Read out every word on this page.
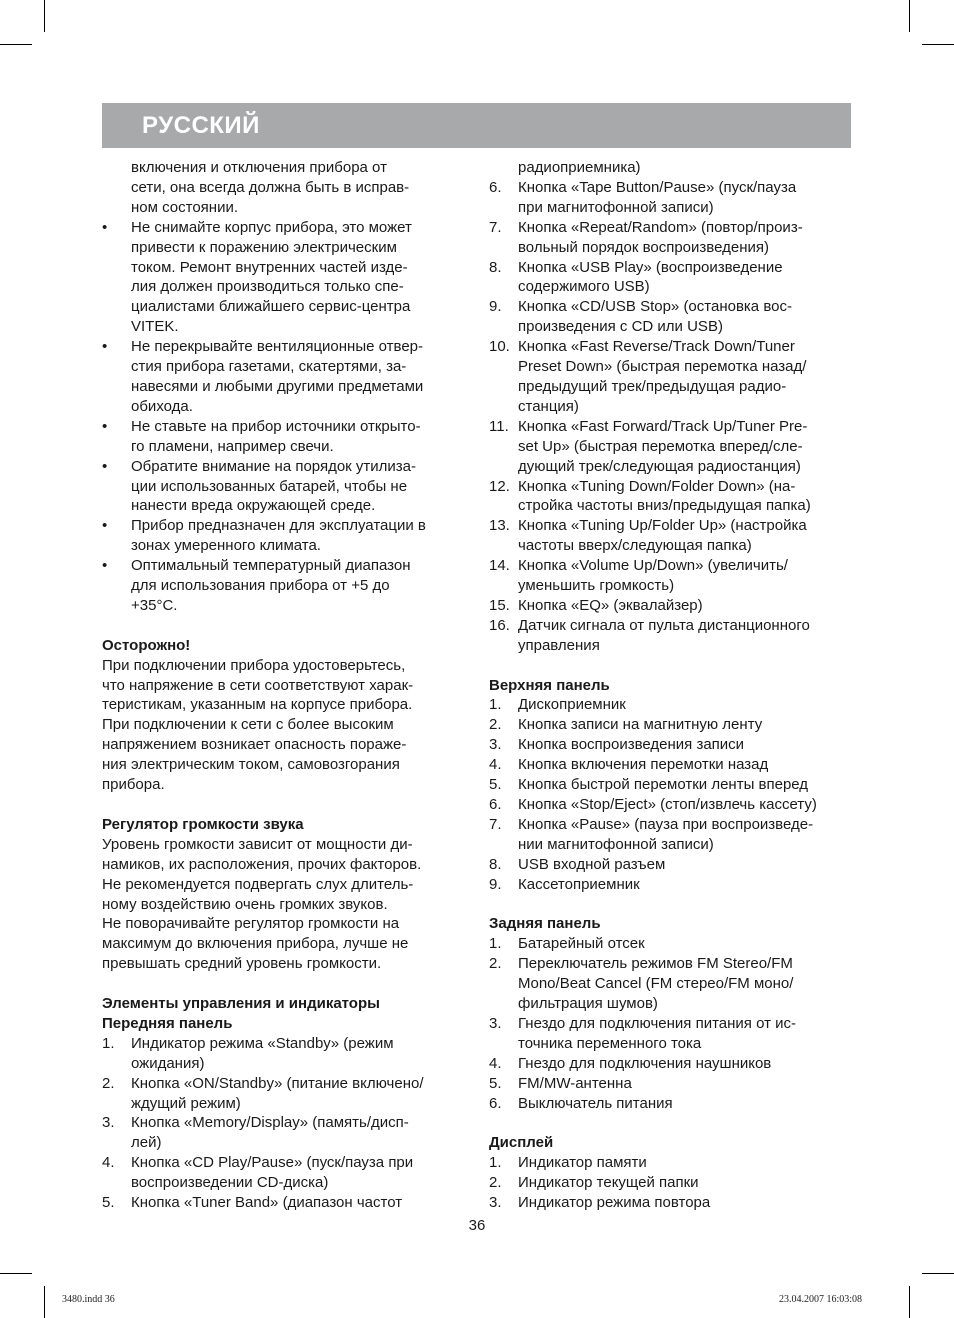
РУССКИЙ
включения и отключения прибора от
сети, она всегда должна быть в исправ-
ном состоянии.
• Не снимайте корпус прибора, это может
привести к поражению электрическим
током. Ремонт внутренних частей изде-
лия должен производиться только спе-
циалистами ближайшего сервис-центра
VITEK.
• Не перекрывайте вентиляционные отвер-
стия прибора газетами, скатертями, за-
навесями и любыми другими предметами
обихода.
• Не ставьте на прибор источники открыто-
го пламени, например свечи.
• Обратите внимание на порядок утилиза-
ции использованных батарей, чтобы не
нанести вреда окружающей среде.
• Прибор предназначен для эксплуатации в
зонах умеренного климата.
• Оптимальный температурный диапазон
для использования прибора от +5 до
+35°С.

Осторожно!

При подключении прибора удостоверьтесь,
что напряжение в сети соответствуют харак-
теристикам, указанным на корпусе прибора.
При подключении к сети с более высоким
напряжением возникает опасность пораже-
ния электрическим током, самовозгорания
прибора.

Регулятор громкости звука

Уровень громкости зависит от мощности ди-
намиков, их расположения, прочих факторов.
Не рекомендуется подвергать слух длитель-
ному воздействию очень громких звуков.
Не поворачивайте регулятор громкости на
максимум до включения прибора, лучше не
превышать средний уровень громкости.

Элементы управления и индикаторы

Передняя панель

1. Индикатор режима «Standby» (режим
ожидания)
2. Кнопка «ON/Standby» (питание включено/
ждущий режим)
3. Кнопка «Memory/Display» (память/дисп-
лей)
4. Кнопка «CD Play/Pause» (пуск/пауза при
воспроизведении CD-диска)
5. Кнопка «Tuner Band» (диапазон частот
радиоприемника)
6. Кнопка «Tape Button/Pause» (пуск/пауза
при магнитофонной записи)
7. Кнопка «Repeat/Random» (повтор/произ-
вольный порядок воспроизведения)
8. Кнопка «USB Play» (воспроизведение
содержимого USB)
9. Кнопка «CD/USB Stop» (остановка вос-
произведения с CD или USB)
10. Кнопка «Fast Reverse/Track Down/Tuner
Preset Down» (быстрая перемотка назад/
предыдущий трек/предыдущая радио-
станция)
11. Кнопка «Fast Forward/Track Up/Tuner Pre-
set Up» (быстрая перемотка вперед/сле-
дующий трек/следующая радиостанция)
12. Кнопка «Tuning Down/Folder Down» (на-
стройка частоты вниз/предыдущая папка)
13. Кнопка «Tuning Up/Folder Up» (настройка
частоты вверх/следующая папка)
14. Кнопка «Volume Up/Down» (увеличить/
уменьшить громкость)
15. Кнопка «EQ» (эквалайзер)
16. Датчик сигнала от пульта дистанционного
управления

Верхняя панель

1. Дископриемник
2. Кнопка записи на магнитную ленту
3. Кнопка воспроизведения записи
4. Кнопка включения перемотки назад
5. Кнопка быстрой перемотки ленты вперед
6. Кнопка «Stop/Eject» (стоп/извлечь кассету)
7. Кнопка «Pause» (пауза при воспроизведе-
нии магнитофонной записи)
8. USB входной разъем
9. Кассетоприемник

Задняя панель

1. Батарейный отсек
2. Переключатель режимов FM Stereo/FM
Mono/Beat Cancel (FM стерео/FM моно/
фильтрация шумов)
3. Гнездо для подключения питания от ис-
точника переменного тока
4. Гнездо для подключения наушников
5. FM/MW-антенна
6. Выключатель питания

Дисплей

1. Индикатор памяти
2. Индикатор текущей папки
3. Индикатор режима повтора
36
3480.indd 36	23.04.2007 16:03:08
